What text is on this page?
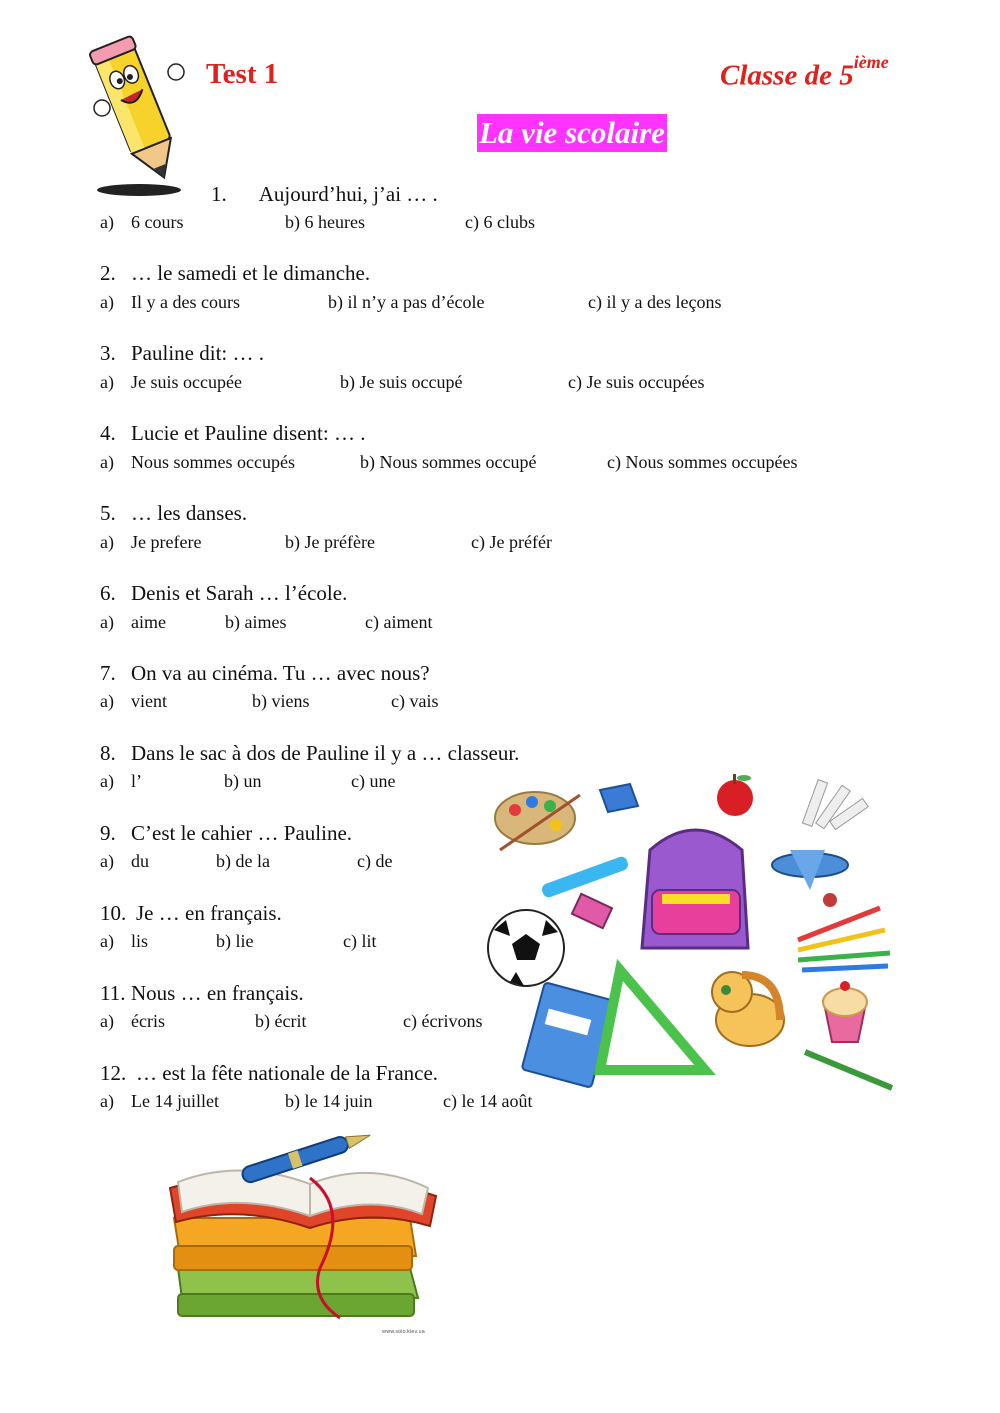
Test 1	Classe de 5ième
La vie scolaire
1. Aujourd’hui, j’ai … .
a) 6 cours	b) 6 heures	c) 6 clubs
2. … le samedi et le dimanche.
a) Il y a des cours	b) il n’y a pas d’école	c) il y a des leçons
3. Pauline dit: … .
a) Je suis occupée	b) Je suis occupé	c) Je suis occupées
4. Lucie et Pauline disent: … .
a) Nous sommes occupés	b) Nous sommes occupé	c) Nous sommes occupées
5. … les danses.
a) Je prefere	b) Je préfère	c) Je préfér
6. Denis et Sarah … l’école.
a) aime	b) aimes	c) aiment
7. On va au cinéma. Tu … avec nous?
a) vient	b) viens	c) vais
8. Dans le sac à dos de Pauline il y a … classeur.
a) l’	b) un	c) une
9. C’est le cahier … Pauline.
a) du	b) de la	c) de
10. Je … en français.
a) lis	b) lie	c) lit
11. Nous … en français.
a) écris	b) écrit	c) écrivons
12. … est la fête nationale de la France.
a) Le 14 juillet	b) le 14 juin	c) le 14 août
www.solo.kiev.ua
